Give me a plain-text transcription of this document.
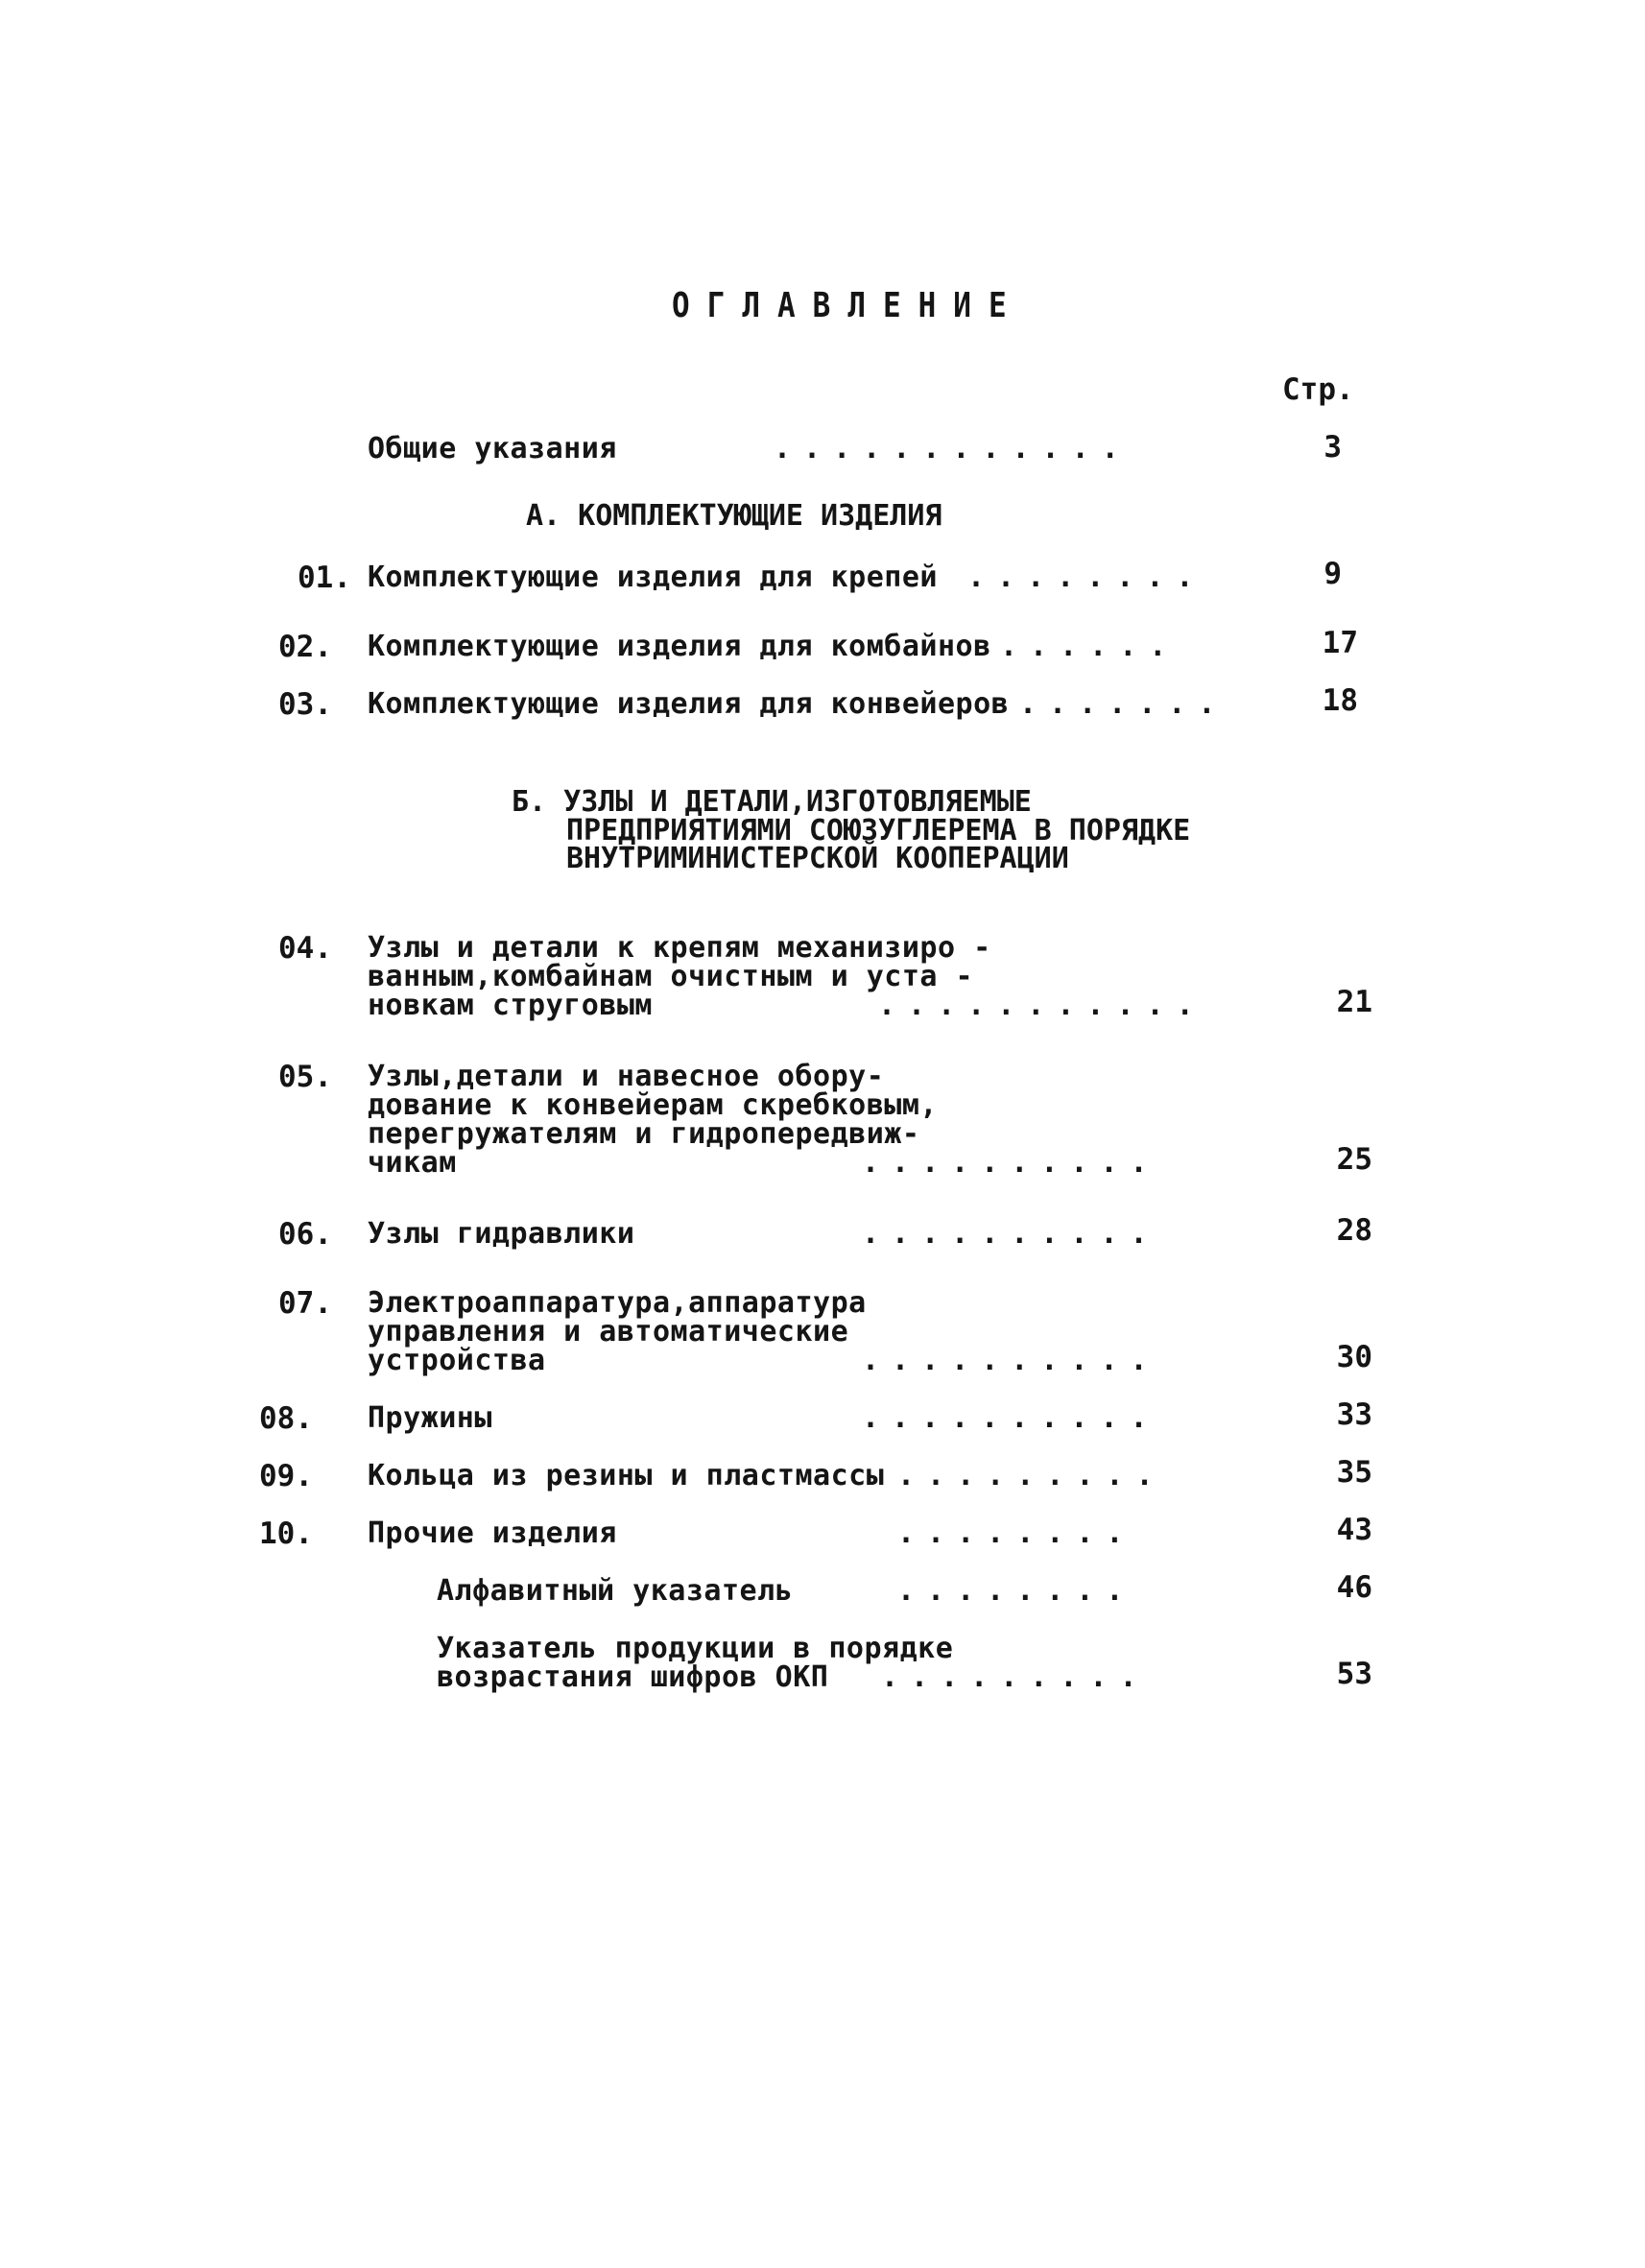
ОГЛАВЛЕНИЕ
Стр.
Общие указания	............	3
А. КОМПЛЕКТУЮЩИЕ ИЗДЕЛИЯ
01. Комплектующие изделия для крепей ........	9
02. Комплектующие изделия для комбайнов ......	17
03. Комплектующие изделия для конвейеров .......	18
Б. УЗЛЫ И ДЕТАЛИ,ИЗГОТОВЛЯЕМЫЕ
ПРЕДПРИЯТИЯМИ СОЮЗУГЛЕРЕМА В ПОРЯДКЕ
ВНУТРИМИНИСТЕРСКОЙ КООПЕРАЦИИ
04. Узлы и детали к крепям механизиро -
ванным,комбайнам очистным и уста -
новкам струговым	...........	21
05. Узлы,детали и навесное обору-
дование к конвейерам скребковым,
перегружателям и гидропередвиж-
чикам	..........	25
06. Узлы гидравлики	..........	28
07. Электроаппаратура,аппаратура
управления и автоматические
устройства	..........	30
08. Пружины	..........	33
09. Кольца из резины и пластмассы .........	35
10. Прочие изделия	........	43
Алфавитный указатель	........	46
Указатель продукции в порядке
возрастания шифров ОКП .........	53
